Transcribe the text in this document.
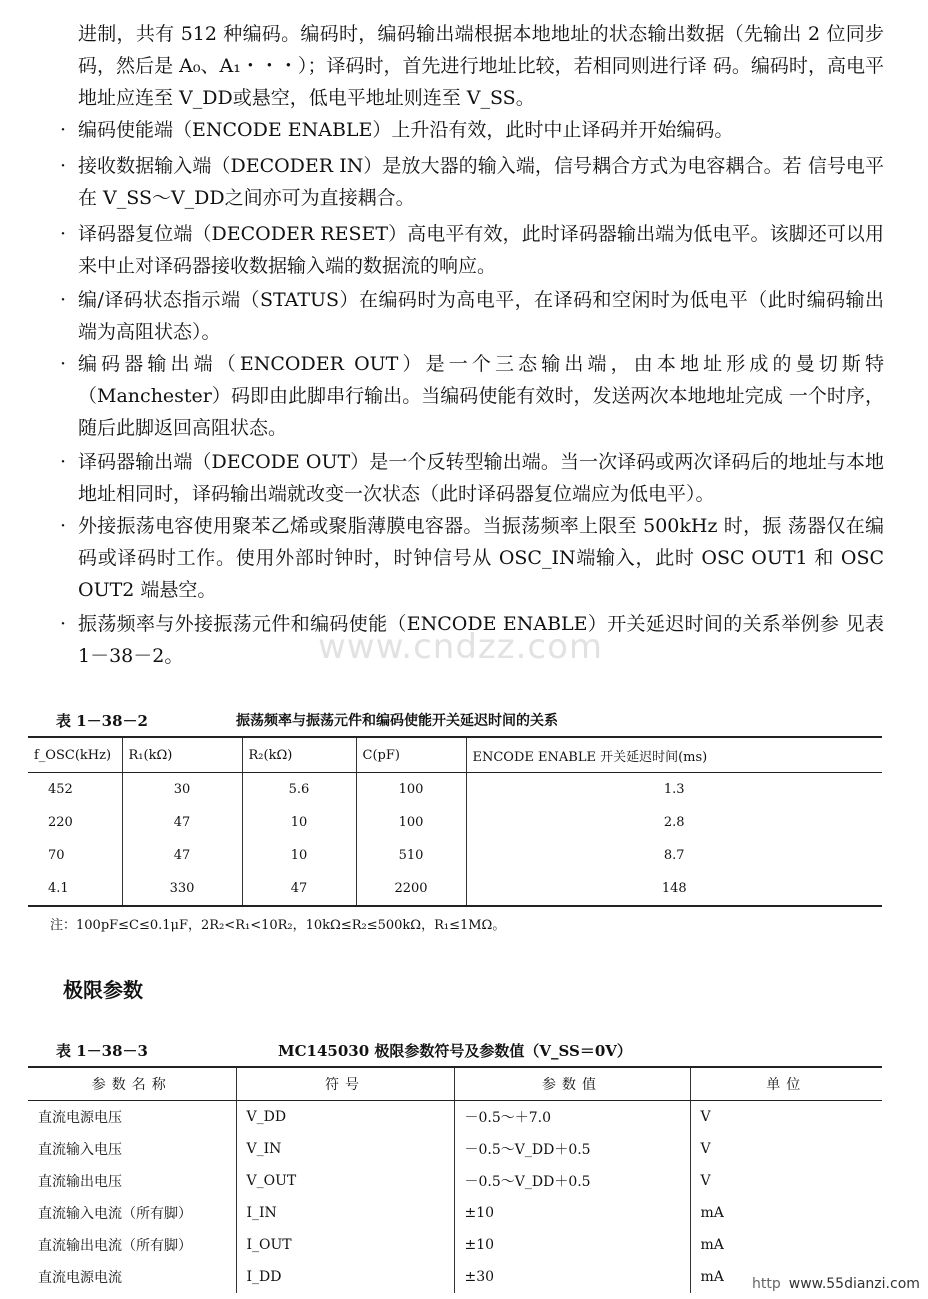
进制，共有 512 种编码。编码时，编码输出端根据本地地址的状态输出数据（先输出 2 位同步码，然后是 A₀、A₁・・・）；译码时，首先进行地址比较，若相同则进行译 码。编码时，高电平地址应连至 V_DD或悬空，低电平地址则连至 V_SS。
· 编码使能端（ENCODE ENABLE）上升沿有效，此时中止译码并开始编码。
· 接收数据输入端（DECODER IN）是放大器的输入端，信号耦合方式为电容耦合。若 信号电平在 V_SS～V_DD之间亦可为直接耦合。
· 译码器复位端（DECODER RESET）高电平有效，此时译码器输出端为低电平。该脚还可以用来中止对译码器接收数据输入端的数据流的响应。
· 编/译码状态指示端（STATUS）在编码时为高电平，在译码和空闲时为低电平（此时编码输出端为高阻状态）。
· 编码器输出端（ENCODER OUT）是一个三态输出端，由本地址形成的曼切斯特（Manchester）码即由此脚串行输出。当编码使能有效时，发送两次本地地址完成 一个时序，随后此脚返回高阻状态。
· 译码器输出端（DECODE OUT）是一个反转型输出端。当一次译码或两次译码后的地址与本地地址相同时，译码输出端就改变一次状态（此时译码器复位端应为低电平）。
· 外接振荡电容使用聚苯乙烯或聚脂薄膜电容器。当振荡频率上限至 500kHz 时，振 荡器仅在编码或译码时工作。使用外部时钟时，时钟信号从 OSC_IN端输入，此时 OSC OUT1 和 OSC OUT2 端悬空。
· 振荡频率与外接振荡元件和编码使能（ENCODE ENABLE）开关延迟时间的关系举例参 见表 1－38－2。	www.cndzz.com
表 1－38－2	振荡频率与振荡元件和编码使能开关延迟时间的关系
f_OSC(kHz)	R₁(kΩ)	R₂(kΩ)	C(pF)	ENCODE ENABLE 开关延迟时间(ms)
452	30	5.6	100	1.3
220	47	10	100	2.8
70	47	10	510	8.7
4.1	330	47	2200	148
注：100pF≤C≤0.1μF，2R₂<R₁<10R₂，10kΩ≤R₂≤500kΩ，R₁≤1MΩ。
极限参数
表 1－38－3	MC145030 极限参数符号及参数值（V_SS＝0V）
参数名称	符号	参数值	单位
直流电源电压	V_DD	－0.5～＋7.0	V
直流输入电压	V_IN	－0.5～V_DD＋0.5	V
直流输出电压	V_OUT	－0.5～V_DD＋0.5	V
直流输入电流（所有脚）	I_IN	±10	mA
直流输出电流（所有脚）	I_OUT	±10	mA
直流电源电流	I_DD	±30	mA http www.55dianzi.com
